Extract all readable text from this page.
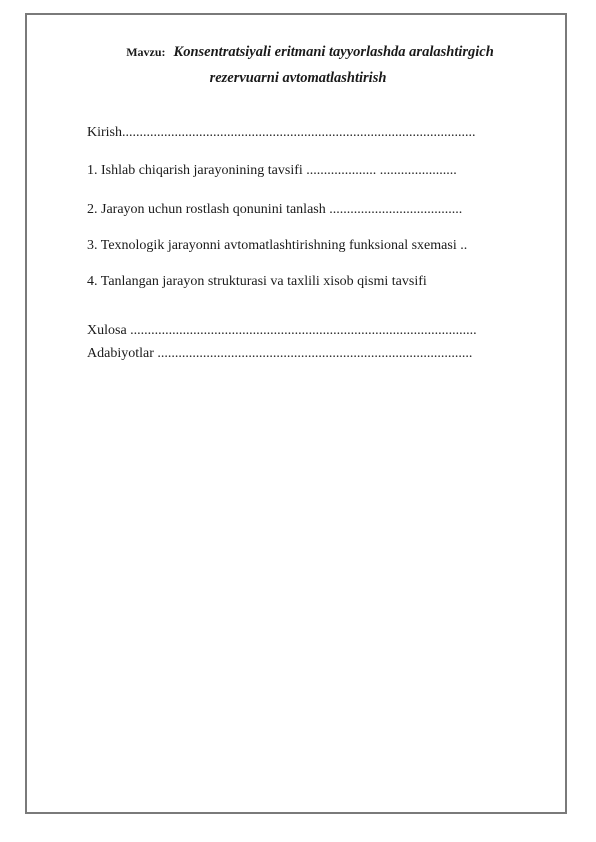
Mavzu: Konsentratsiyali eritmani tayyorlashda aralashtirgich
rezervuarni avtomatlashtirish
Kirish.....................................................................................................
1. Ishlab chiqarish jarayonining tavsifi .................... ......................
2. Jarayon uchun rostlash qonunini tanlash ......................................
3. Texnologik jarayonni avtomatlashtirishning funksional sxemasi ..
4. Tanlangan jarayon strukturasi va taxlili xisob qismi tavsifi
Xulosa ...................................................................................................
Adabiyotlar ..........................................................................................
